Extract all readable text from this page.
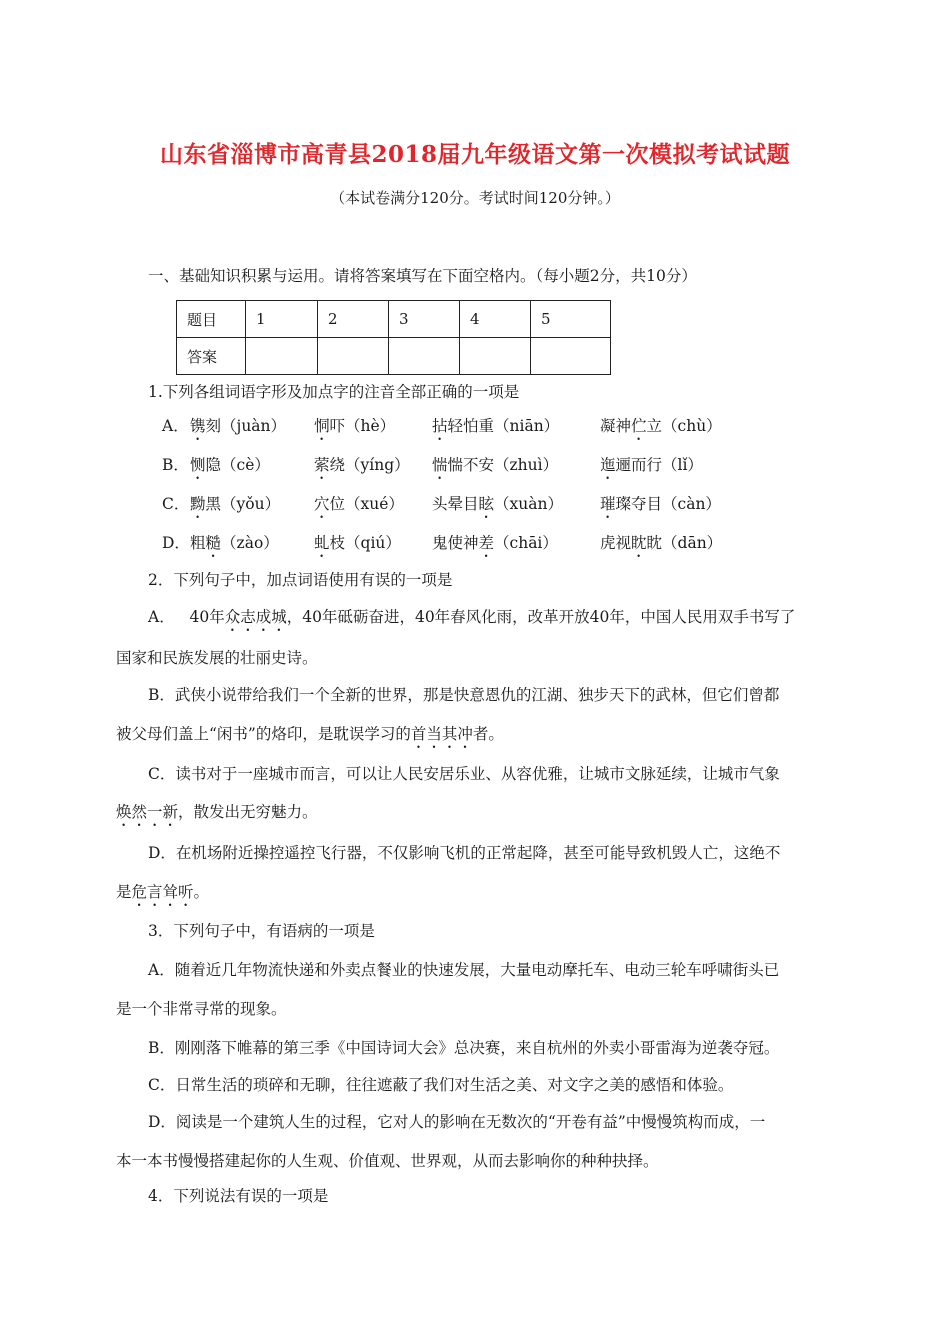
山东省淄博市高青县2018届九年级语文第一次模拟考试试题
（本试卷满分120分。考试时间120分钟。）
一、基础知识积累与运用。请将答案填写在下面空格内。（每小题2分，共10分）
题目	1	2	3	4	5
答案					
1.下列各组词语字形及加点字的注音全部正确的一项是
A． 镌刻（juàn） 恫吓（hè） 拈轻怕重（niān）	凝神伫立（chù）
B． 恻隐（cè）	萦绕（yíng） 惴惴不安（zhuì）	迤逦而行（lǐ）
C． 黝黑（yǒu） 穴位（xué） 头晕目眩（xuàn） 璀璨夺目（càn）
D． 粗糙（zào） 虬枝（qiú） 鬼使神差（chāi）	虎视眈眈（dān）
2．下列句子中，加点词语使用有误的一项是
A． 40年众志成城，40年砥砺奋进，40年春风化雨，改革开放40年，中国人民用双手书写了
国家和民族发展的壮丽史诗。
B．武侠小说带给我们一个全新的世界，那是快意恩仇的江湖、独步天下的武林，但它们曾都
被父母们盖上“闲书”的烙印，是耽误学习的首当其冲者。
C．读书对于一座城市而言，可以让人民安居乐业、从容优雅，让城市文脉延续，让城市气象
焕然一新，散发出无穷魅力。
D．在机场附近操控遥控飞行器，不仅影响飞机的正常起降，甚至可能导致机毁人亡，这绝不
是危言耸听。
3．下列句子中，有语病的一项是
A．随着近几年物流快递和外卖点餐业的快速发展，大量电动摩托车、电动三轮车呼啸街头已
是一个非常寻常的现象。
B．刚刚落下帷幕的第三季《中国诗词大会》总决赛，来自杭州的外卖小哥雷海为逆袭夺冠。
C．日常生活的琐碎和无聊，往往遮蔽了我们对生活之美、对文字之美的感悟和体验。
D．阅读是一个建筑人生的过程，它对人的影响在无数次的“开卷有益”中慢慢筑构而成，一
本一本书慢慢搭建起你的人生观、价值观、世界观，从而去影响你的种种抉择。
4．下列说法有误的一项是
